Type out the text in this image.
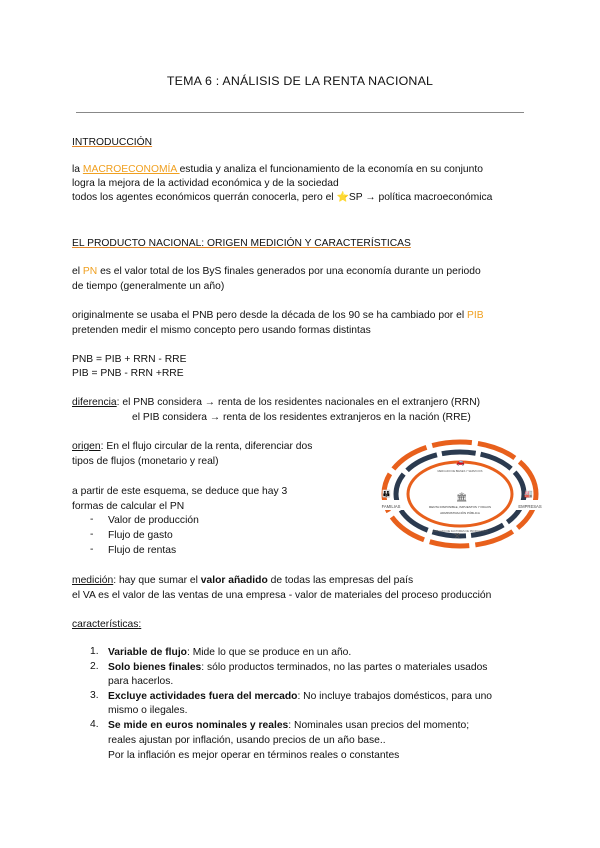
TEMA 6 : ANÁLISIS DE LA RENTA NACIONAL
INTRODUCCIÓN
la MACROECONOMÍA estudia y analiza el funcionamiento de la economía en su conjunto
logra la mejora de la actividad económica y de la sociedad
todos los agentes económicos querrán conocerla, pero el ⭐SP → política macroeconómica
EL PRODUCTO NACIONAL: ORIGEN MEDICIÓN Y CARACTERÍSTICAS
el PN es el valor total de los ByS finales generados por una economía durante un periodo
de tiempo (generalmente un año)
originalmente se usaba el PNB pero desde la década de los 90 se ha cambiado por el PIB
pretenden medir el mismo concepto pero usando formas distintas
PNB = PIB + RRN - RRE
PIB = PNB - RRN +RRE
diferencia: el PNB considera → renta de los residentes nacionales en el extranjero (RRN)
el PIB considera → renta de los residentes extranjeros en la nación (RRE)
origen: En el flujo circular de la renta, diferenciar dos
tipos de flujos (monetario y real)
a partir de este esquema, se deduce que hay 3
formas de calcular el PN
- Valor de producción
- Flujo de gasto
- Flujo de rentas
FAMILIAS	EMPRESAS
👪	🏭
🏛
🚗
⚒
RENTA DISPONIBLE, IMPUESTOS Y PAGOS
ADMINISTRACIÓN PÚBLICA
MERCADO DE BIENES Y SERVICIOS
MERCADO DE FACTORES DE PRODUCCIÓN
medición: hay que sumar el valor añadido de todas las empresas del país
el VA es el valor de las ventas de una empresa - valor de materiales del proceso producción
características:
1. Variable de flujo: Mide lo que se produce en un año.
2. Solo bienes finales: sólo productos terminados, no las partes o materiales usados
para hacerlos.
3. Excluye actividades fuera del mercado: No incluye trabajos domésticos, para uno
mismo o ilegales.
4. Se mide en euros nominales y reales: Nominales usan precios del momento;
reales ajustan por inflación, usando precios de un año base..
Por la inflación es mejor operar en términos reales o constantes
